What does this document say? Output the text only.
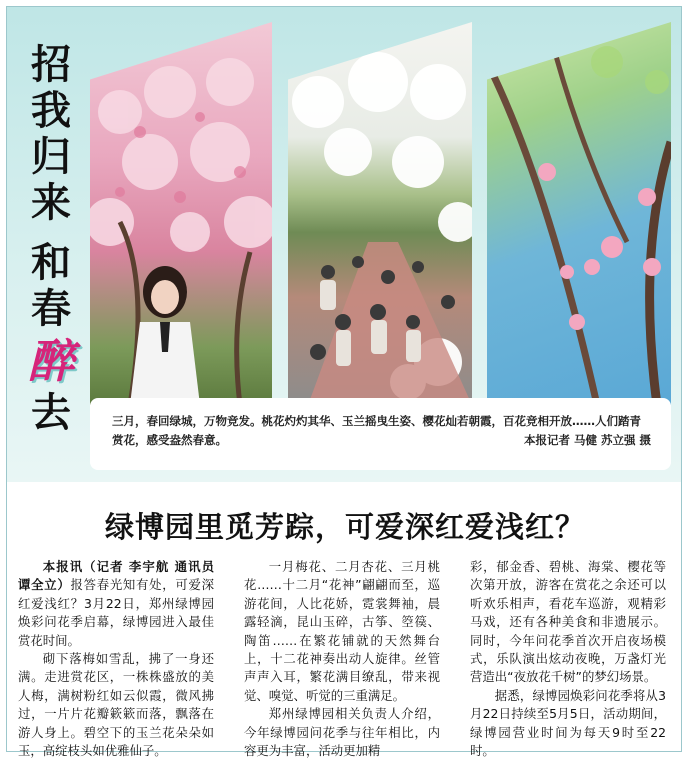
招
我
归
来
和
春
醉
去	三月，春回绿城，万物竞发。桃花灼灼其华、玉兰摇曳生姿、樱花灿若朝霞，百花竞相开放……人们踏青赏花，感受盎然春意。	本报记者 马健 苏立强 摄
绿博园里觅芳踪，可爱深红爱浅红？

本报讯（记者 李宇航 通讯员 谭全立）报答春光知有处，可爱深红爱浅红？3月22日，郑州绿博园焕彩问花季启幕，绿博园进入最佳赏花时间。

砌下落梅如雪乱，拂了一身还满。走进赏花区，一株株盛放的美人梅，满树粉红如云似霞，微风拂过，一片片花瓣簌簌而落，飘落在游人身上。碧空下的玉兰花朵朵如玉，高绽枝头如优雅仙子。

一月梅花、二月杏花、三月桃花……十二月“花神”翩翩而至，巡游花间，人比花娇，霓裳舞袖，晨露轻滴，昆山玉碎，古筝、箜篌、陶笛……在繁花铺就的天然舞台上，十二花神奏出动人旋律。丝管声声入耳，繁花满目缭乱，带来视觉、嗅觉、听觉的三重满足。

郑州绿博园相关负责人介绍，今年绿博园问花季与往年相比，内容更为丰富，活动更加精

彩，郁金香、碧桃、海棠、樱花等次第开放，游客在赏花之余还可以听欢乐相声，看花车巡游，观精彩马戏，还有各种美食和非遗展示。同时，今年问花季首次开启夜场模式，乐队演出炫动夜晚，万盏灯光营造出“夜放花千树”的梦幻场景。

据悉，绿博园焕彩问花季将从3月22日持续至5月5日，活动期间，绿博园营业时间为每天9时至22时。
